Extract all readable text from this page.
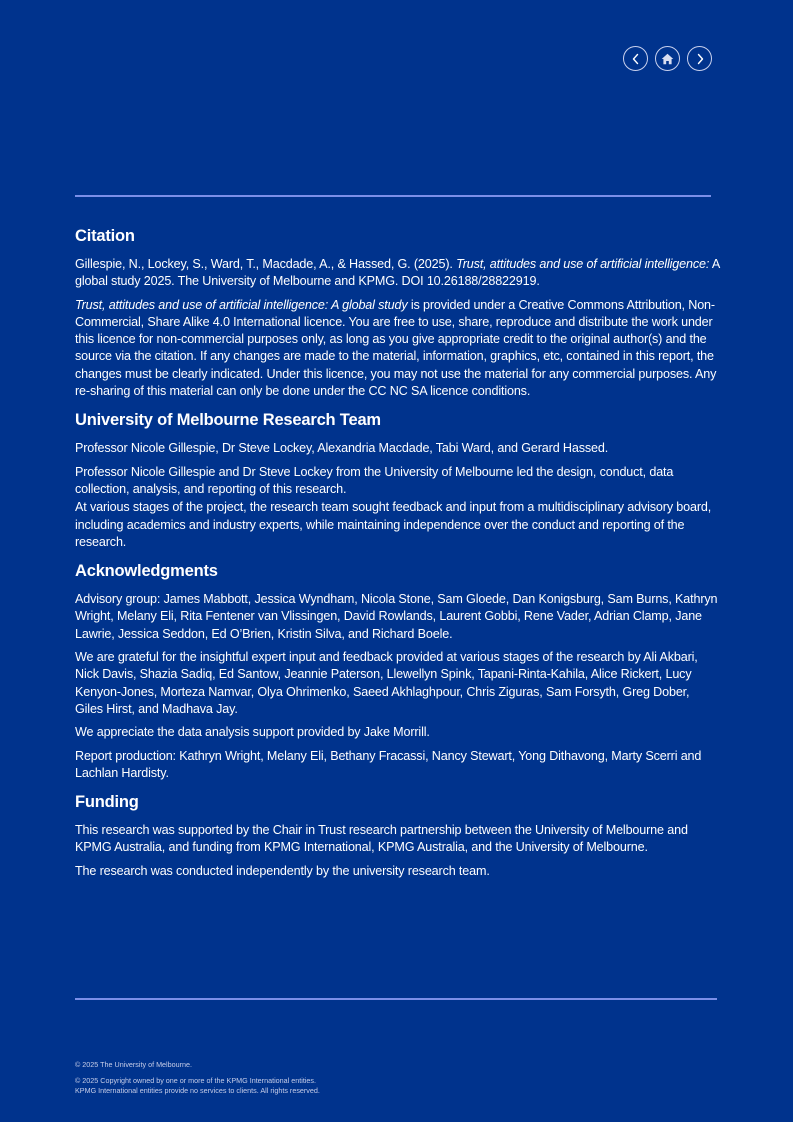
Citation

Gillespie, N., Lockey, S., Ward, T., Macdade, A., & Hassed, G. (2025). Trust, attitudes and use of artificial intelligence: A global study 2025. The University of Melbourne and KPMG. DOI 10.26188/28822919.

Trust, attitudes and use of artificial intelligence: A global study is provided under a Creative Commons Attribution, Non-Commercial, Share Alike 4.0 International licence. You are free to use, share, reproduce and distribute the work under this licence for non-commercial purposes only, as long as you give appropriate credit to the original author(s) and the source via the citation. If any changes are made to the material, information, graphics, etc, contained in this report, the changes must be clearly indicated. Under this licence, you may not use the material for any commercial purposes. Any re-sharing of this material can only be done under the CC NC SA licence conditions.

University of Melbourne Research Team

Professor Nicole Gillespie, Dr Steve Lockey, Alexandria Macdade, Tabi Ward, and Gerard Hassed.

Professor Nicole Gillespie and Dr Steve Lockey from the University of Melbourne led the design, conduct, data collection, analysis, and reporting of this research.

At various stages of the project, the research team sought feedback and input from a multidisciplinary advisory board, including academics and industry experts, while maintaining independence over the conduct and reporting of the research.

Acknowledgments

Advisory group: James Mabbott, Jessica Wyndham, Nicola Stone, Sam Gloede, Dan Konigsburg, Sam Burns, Kathryn Wright, Melany Eli, Rita Fentener van Vlissingen, David Rowlands, Laurent Gobbi, Rene Vader, Adrian Clamp, Jane Lawrie, Jessica Seddon, Ed O’Brien, Kristin Silva, and Richard Boele.

We are grateful for the insightful expert input and feedback provided at various stages of the research by Ali Akbari, Nick Davis, Shazia Sadiq, Ed Santow, Jeannie Paterson, Llewellyn Spink, Tapani-Rinta-Kahila, Alice Rickert, Lucy Kenyon-Jones, Morteza Namvar, Olya Ohrimenko, Saeed Akhlaghpour, Chris Ziguras, Sam Forsyth, Greg Dober, Giles Hirst, and Madhava Jay.

We appreciate the data analysis support provided by Jake Morrill.

Report production: Kathryn Wright, Melany Eli, Bethany Fracassi, Nancy Stewart, Yong Dithavong, Marty Scerri and Lachlan Hardisty.

Funding

This research was supported by the Chair in Trust research partnership between the University of Melbourne and KPMG Australia, and funding from KPMG International, KPMG Australia, and the University of Melbourne.

The research was conducted independently by the university research team.

© 2025 The University of Melbourne.
© 2025 Copyright owned by one or more of the KPMG International entities.
KPMG International entities provide no services to clients. All rights reserved.
